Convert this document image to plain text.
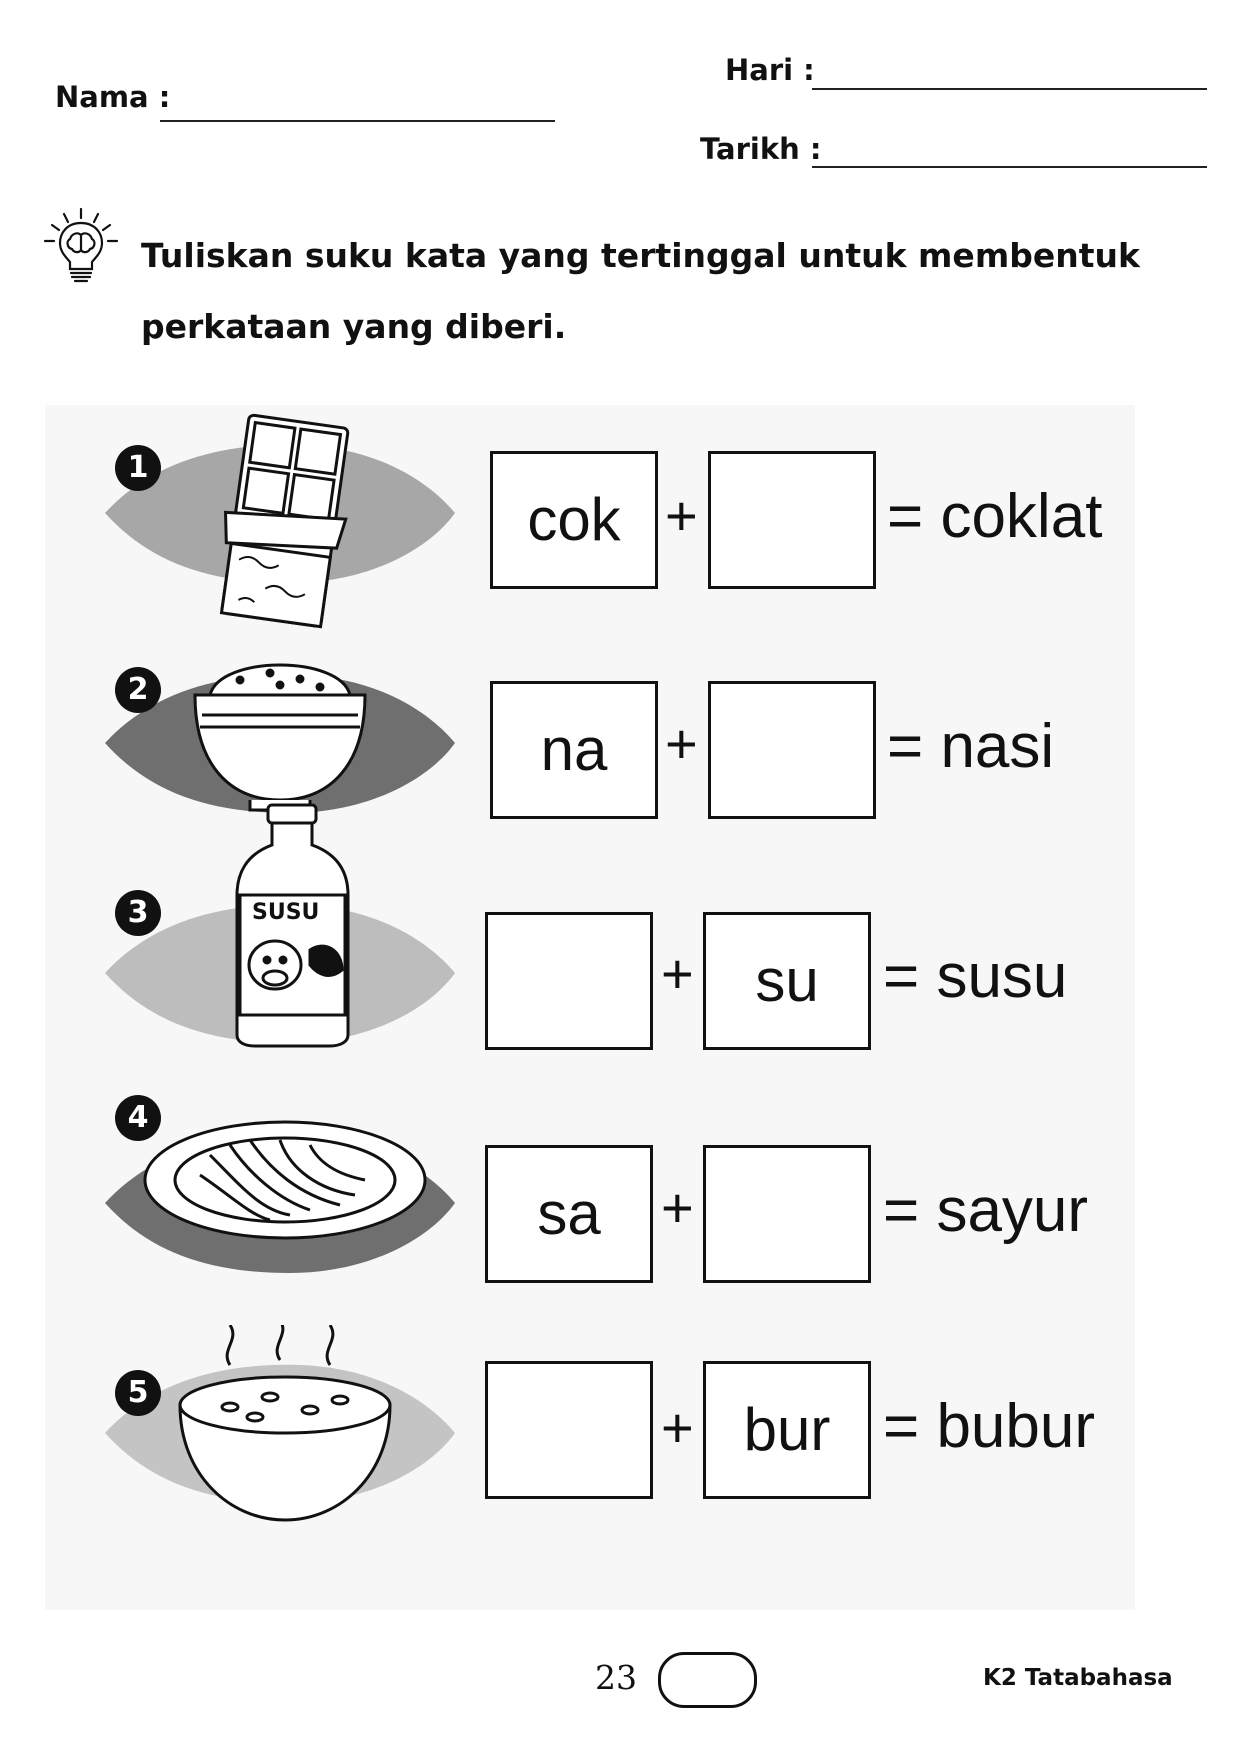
Nama :
Hari :
Tarikh :
Tuliskan suku kata yang tertinggal untuk membentuk perkataan yang diberi.
1
cok +	= coklat
2
na	+	= nasi
3	SUSU
+	su	= susu
4
sa	+	= sayur
5
+ bur = bubur
23	K2 Tatabahasa
